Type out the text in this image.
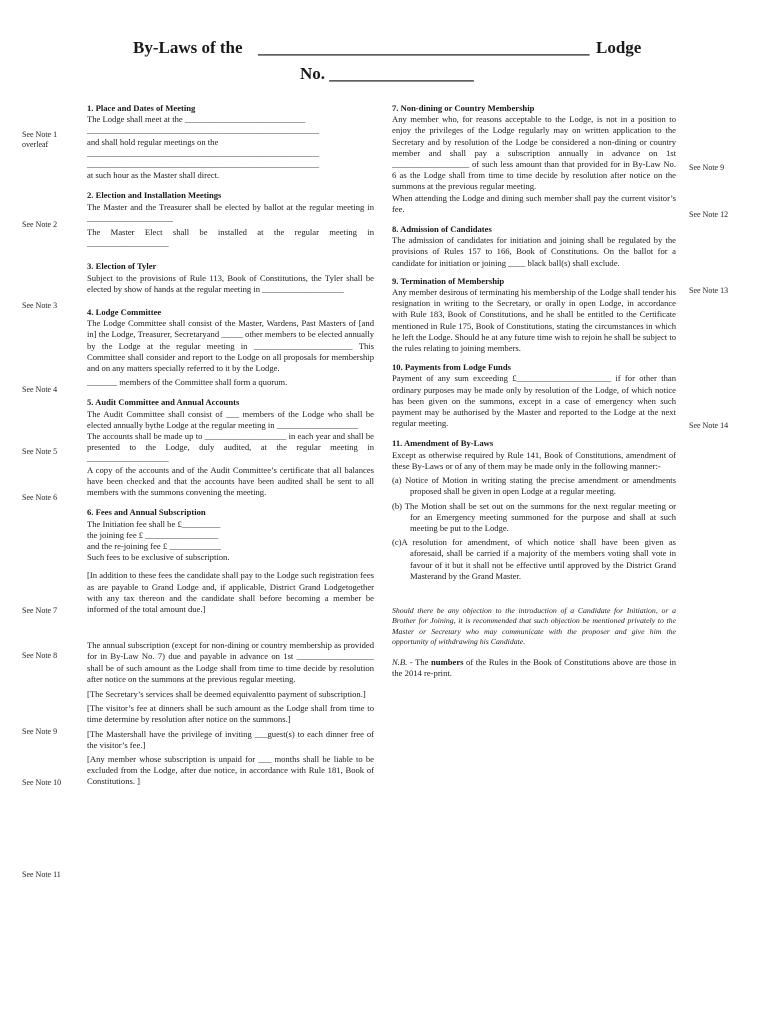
By-Laws of the _______________________________________ Lodge
No. _________________
See Note 1
overleaf
See Note 2
See Note 3
See Note 4
See Note 5
See Note 6
See Note 7
See Note 8
See Note 9
See Note 10
See Note 11
See Note 9
See Note 12
See Note 13
See Note 14
1. Place and Dates of Meeting
The Lodge shall meet at the ____________________________
______________________________________________________
and shall hold regular meetings on the
______________________________________________________
______________________________________________________
at such hour as the Master shall direct.
2. Election and Installation Meetings
The Master and the Treasurer shall be elected by ballot at the regular meeting in ____________________
The Master Elect shall be installed at the regular meeting in ___________________
3. Election of Tyler
Subject to the provisions of Rule 113, Book of Constitutions, the Tyler shall be elected by show of hands at the regular meeting in ___________________
4. Lodge Committee
The Lodge Committee shall consist of the Master, Wardens, Past Masters of [and in] the Lodge, Treasurer, Secretaryand _____ other members to be elected annually by the Lodge at the regular meeting in _______________________ This Committee shall consider and report to the Lodge on all proposals for membership and on any matters specially referred to it by the Lodge.
_______ members of the Committee shall form a quorum.
5. Audit Committee and Annual Accounts
The Audit Committee shall consist of ___ members of the Lodge who shall be elected annually bythe Lodge at the regular meeting in ___________________
The accounts shall be made up to ___________________ in each year and shall be presented to the Lodge, duly audited, at the regular meeting in ___________________
A copy of the accounts and of the Audit Committee’s certificate that all balances have been checked and that the accounts have been audited shall be sent to all members with the summons convening the meeting.
6. Fees and Annual Subscription
The Initiation fee shall be £_________
the joining fee £ _________________
and the re-joining fee £ ____________
Such fees to be exclusive of subscription.
[In addition to these fees the candidate shall pay to the Lodge such registration fees as are payable to Grand Lodge and, if applicable, District Grand Lodgetogether with any tax thereon and the candidate shall before becoming a member be informed of the total amount due.]
The annual subscription (except for non-dining or country membership as provided for in By-Law No. 7) due and payable in advance on 1st __________________ shall be of such amount as the Lodge shall from time to time decide by resolution after notice on the summons at the previous regular meeting.
[The Secretary’s services shall be deemed equivalentto payment of subscription.]
[The visitor’s fee at dinners shall be such amount as the Lodge shall from time to time determine by resolution after notice on the summons.]
[The Mastershall have the privilege of inviting ___guest(s) to each dinner free of the visitor’s fee.]
[Any member whose subscription is unpaid for ___ months shall be liable to be excluded from the Lodge, after due notice, in accordance with Rule 181, Book of Constitutions. ]
7. Non-dining or Country Membership
Any member who, for reasons acceptable to the Lodge, is not in a position to enjoy the privileges of the Lodge regularly may on written application to the Secretary and by resolution of the Lodge be considered a non-dining or country member and shall pay a subscription annually in advance on 1st __________________ of such less amount than that provided for in By-Law No. 6 as the Lodge shall from time to time decide by resolution after notice on the summons at the previous regular meeting.
When attending the Lodge and dining such member shall pay the current visitor’s fee.
8. Admission of Candidates
The admission of candidates for initiation and joining shall be regulated by the provisions of Rules 157 to 166, Book of Constitutions. On the ballot for a candidate for initiation or joining ____ black ball(s) shall exclude.
9. Termination of Membership
Any member desirous of terminating his membership of the Lodge shall tender his resignation in writing to the Secretary, or orally in open Lodge, in accordance with Rule 183, Book of Constitutions, and he shall be entitled to the Certificate mentioned in Rule 175, Book of Constitutions, stating the circumstances in which he left the Lodge. Should he at any future time wish to rejoin he shall be subject to the rules relating to joining members.
10. Payments from Lodge Funds
Payment of any sum exceeding £______________________ if for other than ordinary purposes may be made only by resolution of the Lodge, of which notice has been given on the summons, except in a case of emergency when such payment may be authorised by the Master and reported to the Lodge at the next regular meeting.
11. Amendment of By-Laws
Except as otherwise required by Rule 141, Book of Constitutions, amendment of these By-Laws or of any of them may be made only in the following manner:-
(a) Notice of Motion in writing stating the precise amendment or amendments proposed shall be given in open Lodge at a regular meeting.
(b) The Motion shall be set out on the summons for the next regular meeting or for an Emergency meeting summoned for the purpose and shall at such meeting be put to the Lodge.
(c)A resolution for amendment, of which notice shall have been given as aforesaid, shall be carried if a majority of the members voting shall vote in favour of it but it shall not be effective until approved by the District Grand Masterand by the Grand Master.
Should there be any objection to the introduction of a Candidate for Initiation, or a Brother for Joining, it is recommended that such objection be mentioned privately to the Master or Secretary who may communicate with the proposer and give him the opportunity of withdrawing his Candidate.
N.B. - The numbers of the Rules in the Book of Constitutions above are those in the 2014 re-print.
